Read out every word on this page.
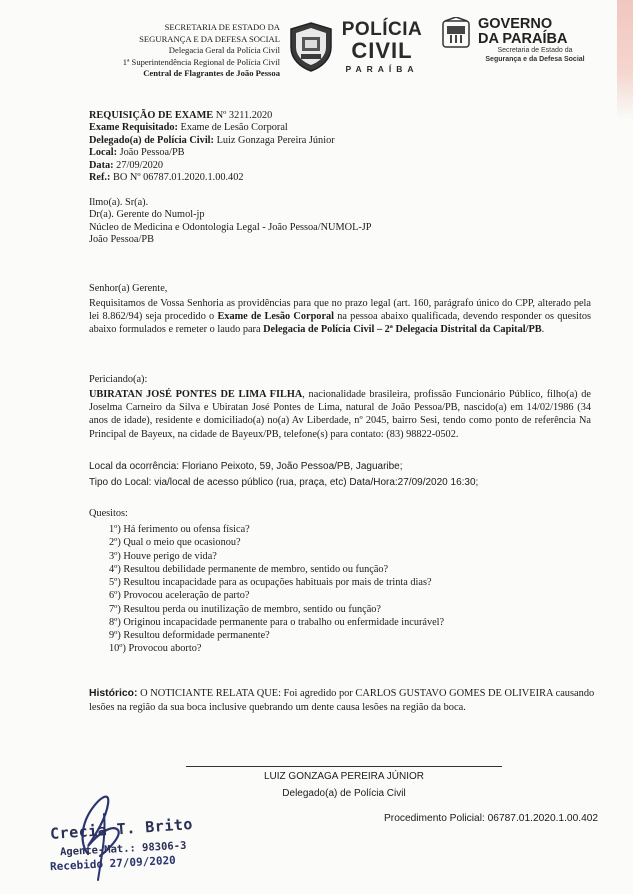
SECRETARIA DE ESTADO DA
SEGURANÇA E DA DEFESA SOCIAL
Delegacia Geral da Polícia Civil
1ª Superintendência Regional de Polícia Civil
Central de Flagrantes de João Pessoa
POLÍCIA
CIVIL
PARAÍBA
GOVERNO
DA PARAÍBA
Secretaria de Estado da
Segurança e da Defesa Social
REQUISIÇÃO DE EXAME Nº 3211.2020
Exame Requisitado: Exame de Lesão Corporal
Delegado(a) de Polícia Civil: Luiz Gonzaga Pereira Júnior
Local: João Pessoa/PB
Data: 27/09/2020
Ref.: BO Nº 06787.01.2020.1.00.402
Ilmo(a). Sr(a).
Dr(a). Gerente do Numol-jp
Núcleo de Medicina e Odontologia Legal - João Pessoa/NUMOL-JP
João Pessoa/PB
Senhor(a) Gerente,
Requisitamos de Vossa Senhoria as providências para que no prazo legal (art. 160, parágrafo único do CPP, alterado pela lei 8.862/94) seja procedido o Exame de Lesão Corporal na pessoa abaixo qualificada, devendo responder os quesitos abaixo formulados e remeter o laudo para Delegacia de Polícia Civil – 2ª Delegacia Distrital da Capital/PB.
Periciando(a):
UBIRATAN JOSÉ PONTES DE LIMA FILHA, nacionalidade brasileira, profissão Funcionário Público, filho(a) de Joselma Carneiro da Silva e Ubiratan José Pontes de Lima, natural de João Pessoa/PB, nascido(a) em 14/02/1986 (34 anos de idade), residente e domiciliado(a) no(a) Av Liberdade, nº 2045, bairro Sesi, tendo como ponto de referência Na Principal de Bayeux, na cidade de Bayeux/PB, telefone(s) para contato: (83) 98822-0502.
Local da ocorrência: Floriano Peixoto, 59, João Pessoa/PB, Jaguaribe;
Tipo do Local: via/local de acesso público (rua, praça, etc) Data/Hora:27/09/2020 16:30;
Quesitos:
1º) Há ferimento ou ofensa física?
2º) Qual o meio que ocasionou?
3º) Houve perigo de vida?
4º) Resultou debilidade permanente de membro, sentido ou função?
5º) Resultou incapacidade para as ocupações habituais por mais de trinta dias?
6º) Provocou aceleração de parto?
7º) Resultou perda ou inutilização de membro, sentido ou função?
8º) Originou incapacidade permanente para o trabalho ou enfermidade incurável?
9º) Resultou deformidade permanente?
10º) Provocou aborto?
Histórico: O NOTICIANTE RELATA QUE: Foi agredido por CARLOS GUSTAVO GOMES DE OLIVEIRA causando lesões na região da sua boca inclusive quebrando um dente causa lesões na região da boca.
LUIZ GONZAGA PEREIRA JÚNIOR
Delegado(a) de Polícia Civil
Procedimento Policial: 06787.01.2020.1.00.402
Crecia T. Brito
Agente-Mat.: 98306-3
Recebido 27/09/2020
